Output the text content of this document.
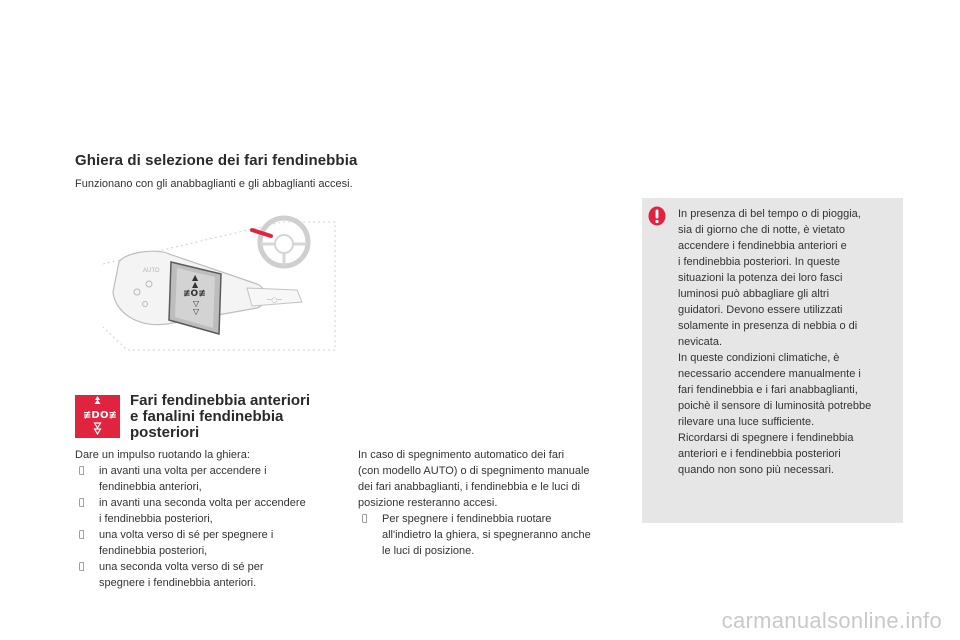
Ghiera di selezione dei fari fendinebbia
Funzionano con gli anabbaglianti e gli abbaglianti accesi.
─○─
AUTO
▲
▲
≢O≢
▽
▽
≢D O≢
Fari fendinebbia anteriori
e fanalini fendinebbia
posteriori

Dare un impulso ruotando la ghiera:

in avanti una volta per accendere i
fendinebbia anteriori,
in avanti una seconda volta per accendere
i fendinebbia posteriori,
una volta verso di sé per spegnere i
fendinebbia posteriori,
una seconda volta verso di sé per
spegnere i fendinebbia anteriori.

In caso di spegnimento automatico dei fari
(con modello AUTO) o di spegnimento manuale
dei fari anabbaglianti, i fendinebbia e le luci di
posizione resteranno accesi.

Per spegnere i fendinebbia ruotare
all'indietro la ghiera, si spegneranno anche
le luci di posizione.

In presenza di bel tempo o di pioggia,
sia di giorno che di notte, è vietato
accendere i fendinebbia anteriori e
i fendinebbia posteriori. In queste
situazioni la potenza dei loro fasci
luminosi può abbagliare gli altri
guidatori. Devono essere utilizzati
solamente in presenza di nebbia o di
nevicata.
In queste condizioni climatiche, è
necessario accendere manualmente i
fari fendinebbia e i fari anabbaglianti,
poichè il sensore di luminosità potrebbe
rilevare una luce sufficiente.
Ricordarsi di spegnere i fendinebbia
anteriori e i fendinebbia posteriori
quando non sono più necessari.

carmanualsonline.info
